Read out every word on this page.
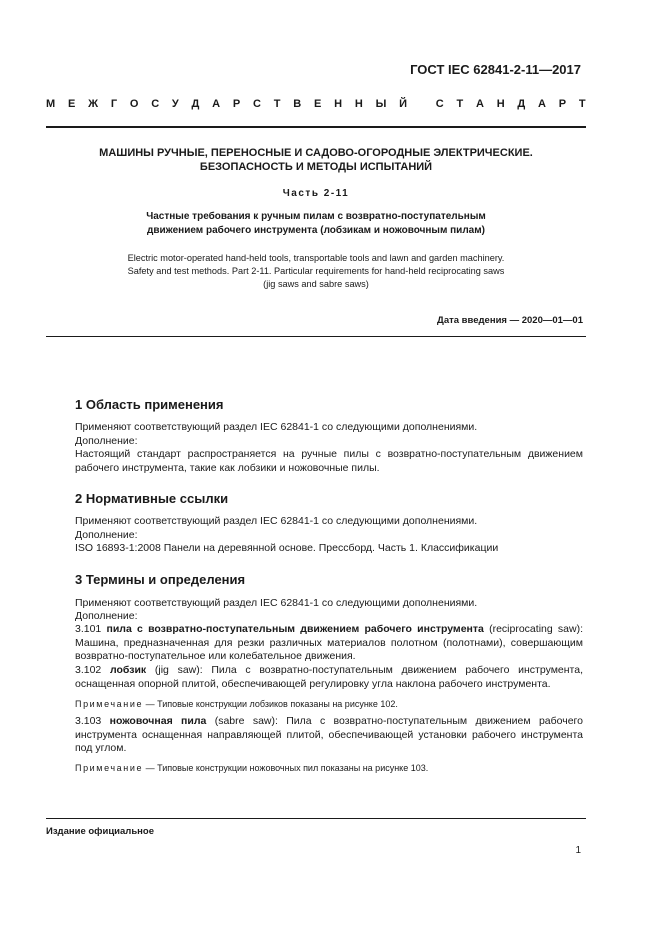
ГОСТ IEC 62841-2-11—2017
М Е Ж Г О С У Д А Р С Т В Е Н Н Ы Й
	С Т А Н Д А Р Т
МАШИНЫ РУЧНЫЕ, ПЕРЕНОСНЫЕ И САДОВО-ОГОРОДНЫЕ ЭЛЕКТРИЧЕСКИЕ.
БЕЗОПАСНОСТЬ И МЕТОДЫ ИСПЫТАНИЙ
Часть 2-11
Частные требования к ручным пилам с возвратно-поступательным
движением рабочего инструмента (лобзикам и ножовочным пилам)
Electric motor-operated hand-held tools, transportable tools and lawn and garden machinery.
Safety and test methods. Part 2-11. Particular requirements for hand-held reciprocating saws
(jig saws and sabre saws)
Дата введения — 2020—01—01
1 Область применения
Применяют соответствующий раздел IEC 62841-1 со следующими дополнениями.
Дополнение:
Настоящий стандарт распространяется на ручные пилы с возвратно-поступательным движением рабочего инструмента, такие как лобзики и ножовочные пилы.
2 Нормативные ссылки
Применяют соответствующий раздел IEC 62841-1 со следующими дополнениями.
Дополнение:
ISO 16893-1:2008 Панели на деревянной основе. Прессборд. Часть 1. Классификации
3 Термины и определения
Применяют соответствующий раздел IEC 62841-1 со следующими дополнениями.
Дополнение:
3.101 пила с возвратно-поступательным движением рабочего инструмента (reciprocating saw): Машина, предназначенная для резки различных материалов полотном (полотнами), совершающим возвратно-поступательное или колебательное движения.
3.102 лобзик (jig saw): Пила с возвратно-поступательным движением рабочего инструмента, оснащенная опорной плитой, обеспечивающей регулировку угла наклона рабочего инструмента.
Примечание — Типовые конструкции лобзиков показаны на рисунке 102.
3.103 ножовочная пила (sabre saw): Пила с возвратно-поступательным движением рабочего инструмента оснащенная направляющей плитой, обеспечивающей установки рабочего инструмента под углом.
Примечание — Типовые конструкции ножовочных пил показаны на рисунке 103.
Издание официальное
1
